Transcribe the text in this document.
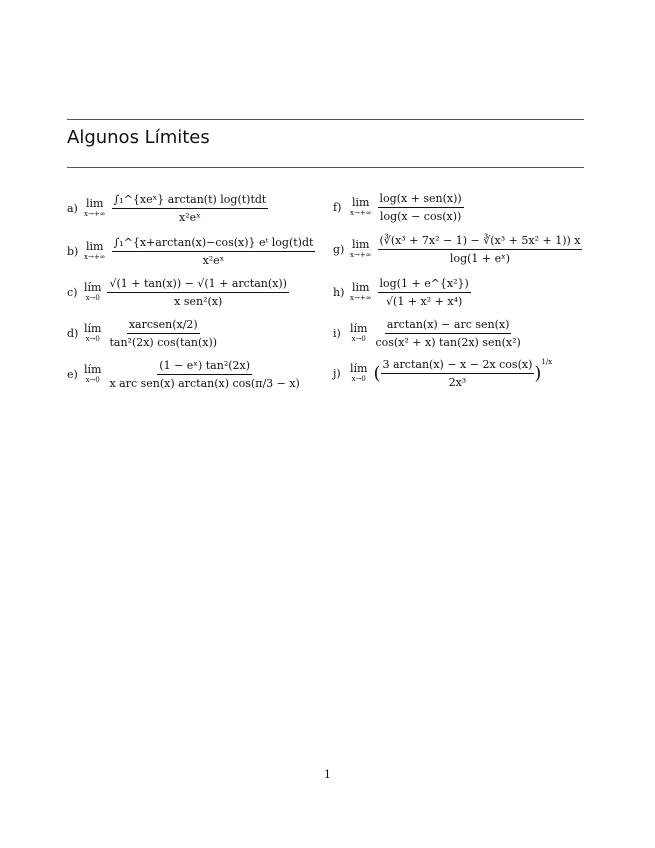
Algunos Límites
a) lim
$x\to+\infty \frac{\text{∫₁\textasciicircum{}\{xeˣ\} arctan(t) log(t)tdt}}{\text{x²eˣ}}$
b) lim
$x\to+\infty \frac{\text{∫₁\textasciicircum{}\{x+arctan(x)−cos(x)\} eᵗ log(t)dt}}{\text{x²eˣ}}$
c) lím
$x\to 0 \frac{√(1 + \tan(x)) - √(1 + \arctan(x))}{\text{x sen²(x)}}$
d) lím
$x\to 0 \frac{\text{xarcsen(x/2)}}{\text{tan²(2x) cos(tan(x))}}$
e) lím
$x\to 0 \frac{\text{(1 − eˣ) tan²(2x)}}{\text{x arc sen(x) arctan(x) cos(π/3 − x)}}$
f) lim
$x\to+\infty \frac{\text{log(x + sen(x))}}{\log(x - \cos(x))}$
g) lim
$x\to+\infty \frac{\text{(∛(x³ + 7x² − 1) − ∛(x³ + 5x² + 1)) x}}{\text{log(1 + eˣ)}}$
h) lim
$x\to+\infty \frac{\text{log(1 + e\textasciicircum{}\{x²\})}}{\text{√(1 + x² + x⁴)}}$
i) lím
$x\to 0 \frac{\text{arctan(x) − arc sen(x)}}{\text{cos(x² + x) tan(2x) sen(x²)}}$
j) lím
x→0 ( $\frac{\text{3 arctan(x) − x − 2x cos(x)}}{\text{2x³}}$ )
$^{1/x}$
1
